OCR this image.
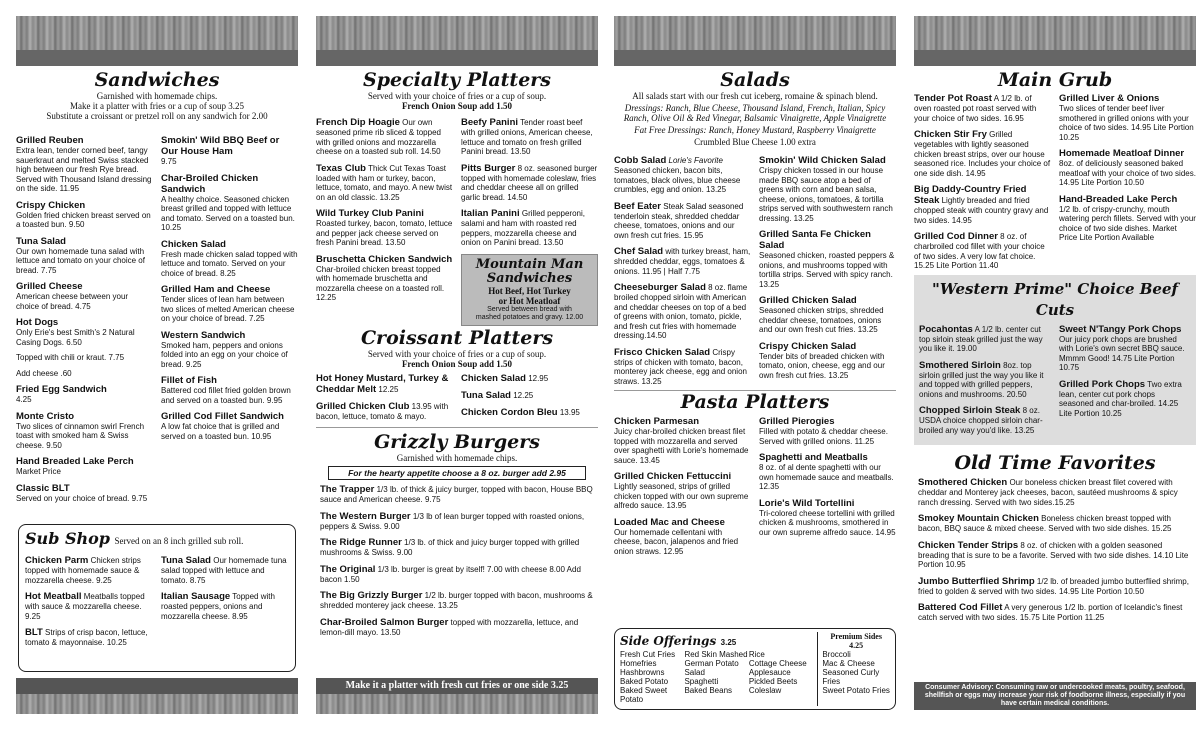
Sandwiches
Garnished with homemade chips.
Make it a platter with fries or a cup of soup 3.25
Substitute a croissant or pretzel roll on any sandwich for 2.00
Grilled Reuben
Extra lean, tender corned beef, tangy sauerkraut and melted Swiss stacked high between our fresh Rye bread. Served with Thousand Island dressing on the side. 11.95
Crispy Chicken
Golden fried chicken breast served on a toasted bun. 9.50
Tuna Salad
Our own homemade tuna salad with lettuce and tomato on your choice of bread. 7.75
Grilled Cheese
American cheese between your choice of bread. 4.75
Hot Dogs
Only Erie's best Smith's 2 Natural Casing Dogs. 6.50
Topped with chili or kraut. 7.75
Add cheese .60
Fried Egg Sandwich
4.25
Monte Cristo
Two slices of cinnamon swirl French toast with smoked ham & Swiss cheese. 9.50
Hand Breaded Lake Perch
Market Price
Classic BLT
Served on your choice of bread. 9.75
Smokin' Wild BBQ Beef or Our House Ham
9.75
Char-Broiled Chicken Sandwich
A healthy choice. Seasoned chicken breast grilled and topped with lettuce and tomato. Served on a toasted bun. 10.25
Chicken Salad
Fresh made chicken salad topped with lettuce and tomato. Served on your choice of bread. 8.25
Grilled Ham and Cheese
Tender slices of lean ham between two slices of melted American cheese on your choice of bread. 7.25
Western Sandwich
Smoked ham, peppers and onions folded into an egg on your choice of bread. 9.25
Fillet of Fish
Battered cod fillet fried golden brown and served on a toasted bun. 9.95
Grilled Cod Fillet Sandwich
A low fat choice that is grilled and served on a toasted bun. 10.95
Sub Shop Served on an 8 inch grilled sub roll.
Chicken Parm Chicken strips topped with homemade sauce & mozzarella cheese. 9.25
Hot Meatball Meatballs topped with sauce & mozzarella cheese. 9.25
BLT Strips of crisp bacon, lettuce, tomato & mayonnaise. 10.25
Tuna Salad Our homemade tuna salad topped with lettuce and tomato. 8.75
Italian Sausage Topped with roasted peppers, onions and mozzarella cheese. 8.95
Specialty Platters
Served with your choice of fries or a cup of soup.
French Onion Soup add 1.50
French Dip Hoagie Our own seasoned prime rib sliced & topped with grilled onions and mozzarella cheese on a toasted sub roll. 14.50
Texas Club Thick Cut Texas Toast loaded with ham or turkey, bacon, lettuce, tomato, and mayo. A new twist on an old classic. 13.25
Wild Turkey Club Panini Roasted turkey, bacon, tomato, lettuce and pepper jack cheese served on fresh Panini bread. 13.50
Bruschetta Chicken Sandwich Char-broiled chicken breast topped with homemade bruschetta and mozzarella cheese on a toasted roll. 12.25
Beefy Panini Tender roast beef with grilled onions, American cheese, lettuce and tomato on fresh grilled Panini bread. 13.50
Pitts Burger 8 oz. seasoned burger topped with homemade coleslaw, fries and cheddar cheese all on grilled garlic bread. 14.50
Italian Panini Grilled pepperoni, salami and ham with roasted red peppers, mozzarella cheese and onion on Panini bread. 13.50
Mountain Man
Sandwiches
Hot Beef, Hot Turkey
or Hot Meatloaf
Served between bread with
mashed potatoes and gravy. 12.00
Croissant Platters
Served with your choice of fries or a cup of soup.
French Onion Soup add 1.50
Hot Honey Mustard, Turkey & Cheddar Melt 12.25
Grilled Chicken Club 13.95 with bacon, lettuce, tomato & mayo.
Chicken Salad 12.95
Tuna Salad 12.25
Chicken Cordon Bleu 13.95
Grizzly Burgers
Garnished with homemade chips.
For the hearty appetite choose a 8 oz. burger add 2.95
The Trapper 1/3 lb. of thick & juicy burger, topped with bacon, House BBQ sauce and American cheese. 9.75
The Western Burger 1/3 lb of lean burger topped with roasted onions, peppers & Swiss. 9.00
The Ridge Runner 1/3 lb. of thick and juicy burger topped with grilled mushrooms & Swiss. 9.00
The Original 1/3 lb. burger is great by itself! 7.00 with cheese 8.00 Add bacon 1.50
The Big Grizzly Burger 1/2 lb. burger topped with bacon, mushrooms & shredded monterey jack cheese. 13.25
Char-Broiled Salmon Burger topped with mozzarella, lettuce, and lemon-dill mayo. 13.50
Make it a platter with fresh cut fries or one side 3.25
Salads
All salads start with our fresh cut iceberg, romaine & spinach blend.
Dressings: Ranch, Blue Cheese, Thousand Island, French, Italian, Spicy Ranch, Olive Oil & Red Vinegar, Balsamic Vinaigrette, Apple Vinaigrette
Fat Free Dressings: Ranch, Honey Mustard, Raspberry Vinaigrette
Crumbled Blue Cheese 1.00 extra
Cobb Salad Lorie's Favorite Seasoned chicken, bacon bits, tomatoes, black olives, blue cheese crumbles, egg and onion. 13.25
Beef Eater Steak Salad seasoned tenderloin steak, shredded cheddar cheese, tomatoes, onions and our own fresh cut fries. 15.95
Chef Salad with turkey breast, ham, shredded cheddar, eggs, tomatoes & onions. 11.95 | Half 7.75
Cheeseburger Salad 8 oz. flame broiled chopped sirloin with American and cheddar cheeses on top of a bed of greens with onion, tomato, pickle, and fresh cut fries with homemade dressing.14.50
Frisco Chicken Salad Crispy strips of chicken with tomato, bacon, monterey jack cheese, egg and onion straws. 13.25
Smokin' Wild Chicken Salad
Crispy chicken tossed in our house made BBQ sauce atop a bed of greens with corn and bean salsa, cheese, onions, tomatoes, & tortilla strips served with southwestern ranch dressing. 13.25
Grilled Santa Fe Chicken Salad
Seasoned chicken, roasted peppers & onions, and mushrooms topped with tortilla strips. Served with spicy ranch. 13.25
Grilled Chicken Salad
Seasoned chicken strips, shredded cheddar cheese, tomatoes, onions and our own fresh cut fries. 13.25
Crispy Chicken Salad
Tender bits of breaded chicken with tomato, onion, cheese, egg and our own fresh cut fries. 13.25
Pasta Platters
Chicken Parmesan
Juicy char-broiled chicken breast filet topped with mozzarella and served over spaghetti with Lorie's homemade sauce. 13.45
Grilled Chicken Fettuccini
Lightly seasoned, strips of grilled chicken topped with our own supreme alfredo sauce. 13.95
Loaded Mac and Cheese
Our homemade cellentani with cheese, bacon, jalapenos and fried onion straws. 12.95
Grilled Pierogies
Filled with potato & cheddar cheese. Served with grilled onions. 11.25
Spaghetti and Meatballs
8 oz. of al dente spaghetti with our own homemade sauce and meatballs. 12.35
Lorie's Wild Tortellini
Tri-colored cheese tortellini with grilled chicken & mushrooms, smothered in our own supreme alfredo sauce. 14.95
Side Offerings 3.25
Fresh Cut Fries
Homefries
Hashbrowns
Baked Potato
Baked Sweet Potato
Red Skin Mashed
German Potato
Salad
Spaghetti
Baked Beans
Rice
Cottage Cheese
Applesauce
Pickled Beets
Coleslaw
Premium Sides
4.25
Broccoli
Mac & Cheese
Seasoned Curly
Fries
Sweet Potato Fries
Main Grub
Tender Pot Roast A 1/2 lb. of oven roasted pot roast served with your choice of two sides. 16.95
Chicken Stir Fry Grilled vegetables with lightly seasoned chicken breast strips, over our house seasoned rice. Includes your choice of one side dish. 14.95
Big Daddy-Country Fried Steak Lightly breaded and fried chopped steak with country gravy and two sides. 14.95
Grilled Cod Dinner 8 oz. of charbroiled cod fillet with your choice of two sides. A very low fat choice. 15.25 Lite Portion 11.40
Grilled Liver & Onions
Two slices of tender beef liver smothered in grilled onions with your choice of two sides. 14.95 Lite Portion 10.25
Homemade Meatloaf Dinner
8oz. of deliciously seasoned baked meatloaf with your choice of two sides. 14.95 Lite Portion 10.50
Hand-Breaded Lake Perch
1/2 lb. of crispy-crunchy, mouth watering perch fillets. Served with your choice of two side dishes. Market Price Lite Portion Available
"Western Prime" Choice Beef Cuts
Pocahontas A 1/2 lb. center cut top sirloin steak grilled just the way you like it. 19.00
Smothered Sirloin 8oz. top sirloin grilled just the way you like it and topped with grilled peppers, onions and mushrooms. 20.50
Chopped Sirloin Steak 8 oz. USDA choice chopped sirloin char-broiled any way you'd like. 13.25
Sweet N'Tangy Pork Chops Our juicy pork chops are brushed with Lorie's own secret BBQ sauce. Mmmm Good! 14.75 Lite Portion 10.75
Grilled Pork Chops Two extra lean, center cut pork chops seasoned and char-broiled. 14.25 Lite Portion 10.25
Old Time Favorites
Smothered Chicken Our boneless chicken breast filet covered with cheddar and Monterey jack cheeses, bacon, sautéed mushrooms & spicy ranch dressing. Served with two sides.15.25
Smokey Mountain Chicken Boneless chicken breast topped with bacon, BBQ sauce & mixed cheese. Served with two side dishes. 15.25
Chicken Tender Strips 8 oz. of chicken with a golden seasoned breading that is sure to be a favorite. Served with two side dishes. 14.10 Lite Portion 10.95
Jumbo Butterflied Shrimp 1/2 lb. of breaded jumbo butterflied shrimp, fried to golden & served with two sides. 14.95 Lite Portion 10.50
Battered Cod Fillet A very generous 1/2 lb. portion of Icelandic's finest catch served with two sides. 15.75 Lite Portion 11.25
Consumer Advisory: Consuming raw or undercooked meats, poultry, seafood, shellfish or eggs may increase your risk of foodborne illness, especially if you have certain medical conditions.
